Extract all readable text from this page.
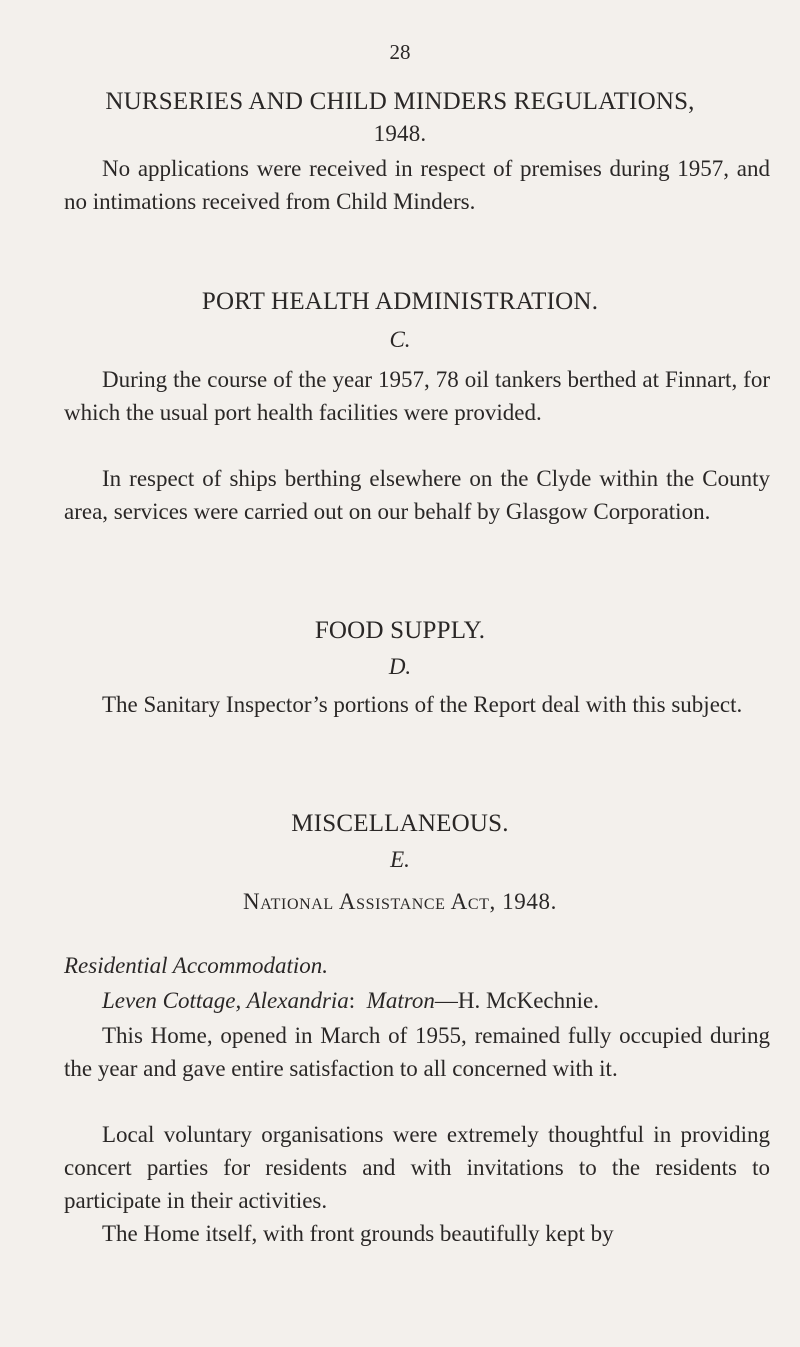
28
NURSERIES AND CHILD MINDERS REGULATIONS,
1948.
No applications were received in respect of premises during 1957, and no intimations received from Child Minders.
PORT HEALTH ADMINISTRATION.
C.
During the course of the year 1957, 78 oil tankers berthed at Finnart, for which the usual port health facilities were provided.
In respect of ships berthing elsewhere on the Clyde within the County area, services were carried out on our behalf by Glasgow Corporation.
FOOD SUPPLY.
D.
The Sanitary Inspector’s portions of the Report deal with this subject.
MISCELLANEOUS.
E.
National Assistance Act, 1948.
Residential Accommodation.
Leven Cottage, Alexandria: Matron—H. McKechnie.
This Home, opened in March of 1955, remained fully occupied during the year and gave entire satisfaction to all concerned with it.
Local voluntary organisations were extremely thoughtful in providing concert parties for residents and with invitations to the residents to participate in their activities.
The Home itself, with front grounds beautifully kept by
